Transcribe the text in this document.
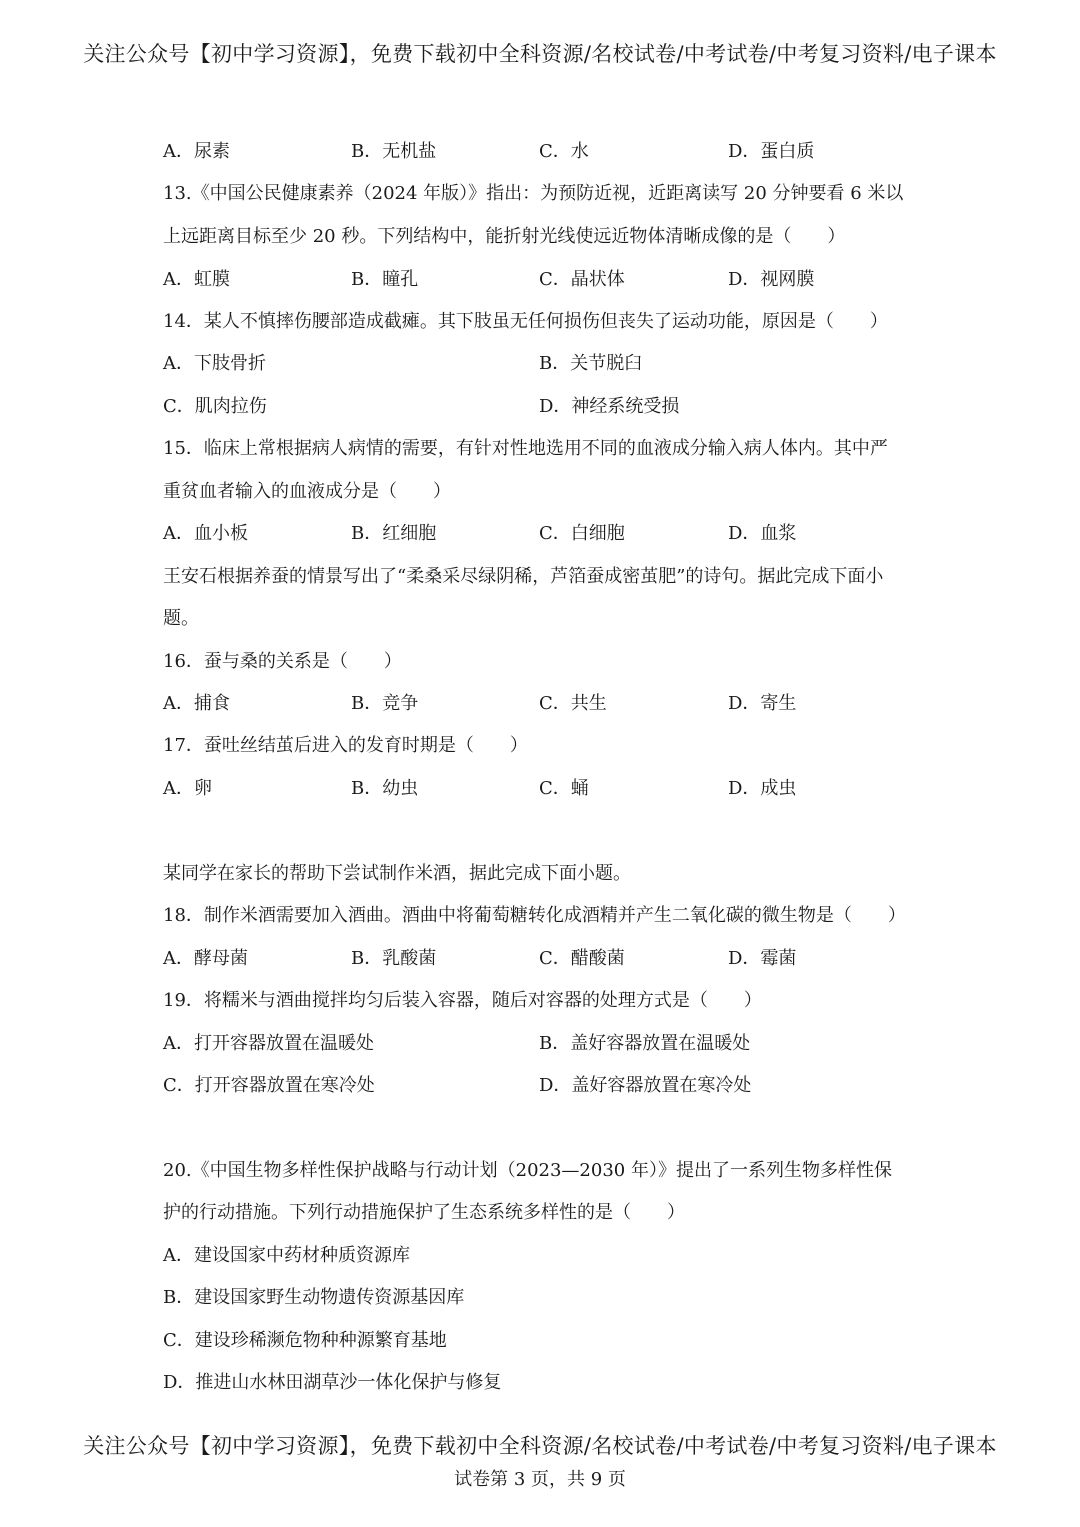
关注公众号【初中学习资源】，免费下载初中全科资源/名校试卷/中考试卷/中考复习资料/电子课本
A．尿素	B．无机盐	C．水	D．蛋白质
13.《中国公民健康素养（2024 年版）》指出：为预防近视，近距离读写 20 分钟要看 6 米以
上远距离目标至少 20 秒。下列结构中，能折射光线使远近物体清晰成像的是（　　）
A．虹膜	B．瞳孔	C．晶状体	D．视网膜
14．某人不慎摔伤腰部造成截瘫。其下肢虽无任何损伤但丧失了运动功能，原因是（　　）
A．下肢骨折	B．关节脱臼
C．肌肉拉伤	D．神经系统受损
15．临床上常根据病人病情的需要，有针对性地选用不同的血液成分输入病人体内。其中严
重贫血者输入的血液成分是（　　）
A．血小板	B．红细胞	C．白细胞	D．血浆
王安石根据养蚕的情景写出了“柔桑采尽绿阴稀，芦箔蚕成密茧肥”的诗句。据此完成下面小
题。
16．蚕与桑的关系是（　　）
A．捕食	B．竞争	C．共生	D．寄生
17．蚕吐丝结茧后进入的发育时期是（　　）
A．卵	B．幼虫	C．蛹	D．成虫
某同学在家长的帮助下尝试制作米酒，据此完成下面小题。
18．制作米酒需要加入酒曲。酒曲中将葡萄糖转化成酒精并产生二氧化碳的微生物是（　　）
A．酵母菌	B．乳酸菌	C．醋酸菌	D．霉菌
19．将糯米与酒曲搅拌均匀后装入容器，随后对容器的处理方式是（　　）
A．打开容器放置在温暖处	B．盖好容器放置在温暖处
C．打开容器放置在寒冷处	D．盖好容器放置在寒冷处
20.《中国生物多样性保护战略与行动计划（2023—2030 年）》提出了一系列生物多样性保
护的行动措施。下列行动措施保护了生态系统多样性的是（　　）
A．建设国家中药材种质资源库
B．建设国家野生动物遗传资源基因库
C．建设珍稀濒危物种种源繁育基地
D．推进山水林田湖草沙一体化保护与修复
关注公众号【初中学习资源】，免费下载初中全科资源/名校试卷/中考试卷/中考复习资料/电子课本
试卷第 3 页，共 9 页
